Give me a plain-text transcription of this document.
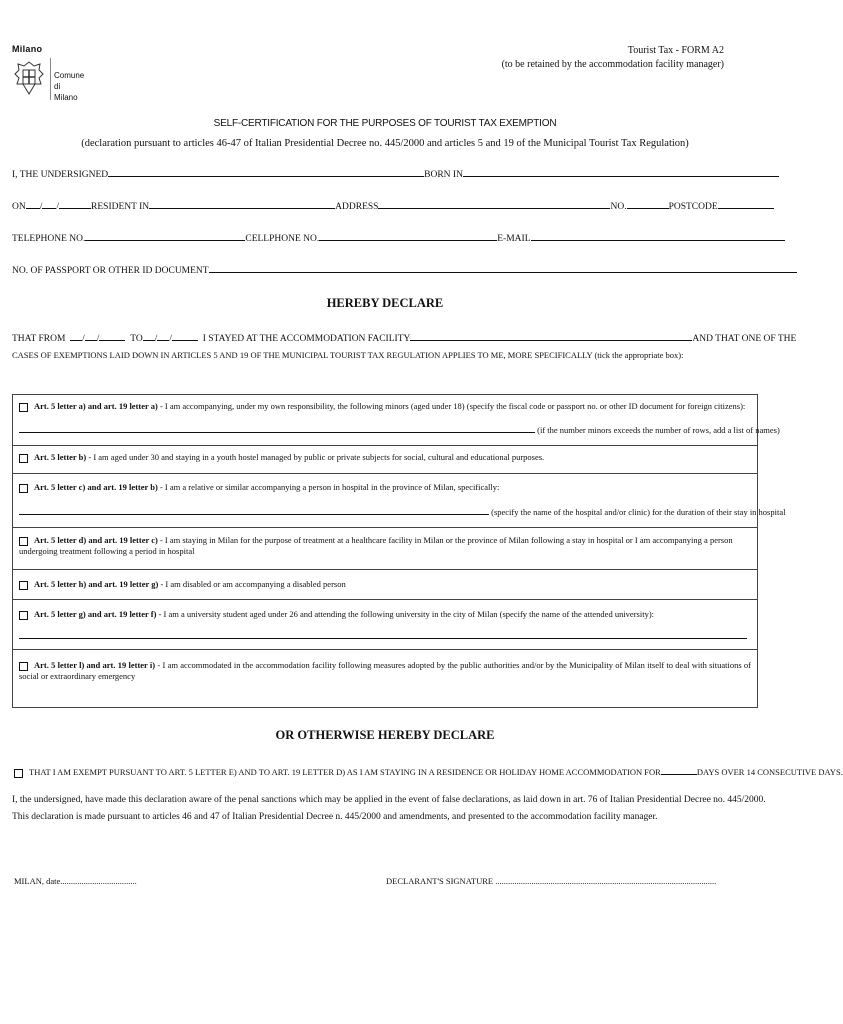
Milano
Comune
di Milano
Tourist Tax - FORM A2
(to be retained by the accommodation facility manager)
SELF-CERTIFICATION FOR THE PURPOSES OF TOURIST TAX EXEMPTION
(declaration pursuant to articles 46-47 of Italian Presidential Decree no. 445/2000 and articles 5 and 19 of the Municipal Tourist Tax Regulation)
I, THE UNDERSIGNED	BORN IN
ON / /	RESIDENT IN	ADDRESS	NO.	POSTCODE
TELEPHONE NO.	CELLPHONE NO.	E-MAIL
NO. OF PASSPORT OR OTHER ID DOCUMENT
HEREBY DECLARE
THAT FROM / /	TO / /	I STAYED AT THE ACCOMMODATION FACILITY	AND THAT ONE OF THE
CASES OF EXEMPTIONS LAID DOWN IN ARTICLES 5 AND 19 OF THE MUNICIPAL TOURIST TAX REGULATION APPLIES TO ME, MORE SPECIFICALLY (tick the appropriate box):
Art. 5 letter a) and art. 19 letter a) - I am accompanying, under my own responsibility, the following minors (aged under 18) (specify the fiscal code or passport no. or other ID document for foreign citizens):
(if the number minors exceeds the number of rows, add a list of names)
Art. 5 letter b) - I am aged under 30 and staying in a youth hostel managed by public or private subjects for social, cultural and educational purposes.
Art. 5 letter c) and art. 19 letter b) - I am a relative or similar accompanying a person in hospital in the province of Milan, specifically:
(specify the name of the hospital and/or clinic) for the duration of their stay in hospital
Art. 5 letter d) and art. 19 letter c) - I am staying in Milan for the purpose of treatment at a healthcare facility in Milan or the province of Milan following a stay in hospital or I am accompanying a person undergoing treatment following a period in hospital
Art. 5 letter h) and art. 19 letter g) - I am disabled or am accompanying a disabled person
Art. 5 letter g) and art. 19 letter f) - I am a university student aged under 26 and attending the following university in the city of Milan (specify the name of the attended university):
Art. 5 letter l) and art. 19 letter i) - I am accommodated in the accommodation facility following measures adopted by the public authorities and/or by the Municipality of Milan itself to deal with situations of social or extraordinary emergency
OR OTHERWISE HEREBY DECLARE
THAT I AM EXEMPT PURSUANT TO ART. 5 LETTER E) AND TO ART. 19 LETTER D) AS I AM STAYING IN A RESIDENCE OR HOLIDAY HOME ACCOMMODATION FOR	DAYS OVER 14 CONSECUTIVE DAYS.
I, the undersigned, have made this declaration aware of the penal sanctions which may be applied in the event of false declarations, as laid down in art. 76 of Italian Presidential Decree no. 445/2000.
This declaration is made pursuant to articles 46 and 47 of Italian Presidential Decree n. 445/2000 and amendments, and presented to the accommodation facility manager.
MILAN, date....................................	DECLARANT'S SIGNATURE ........................................................................................................
